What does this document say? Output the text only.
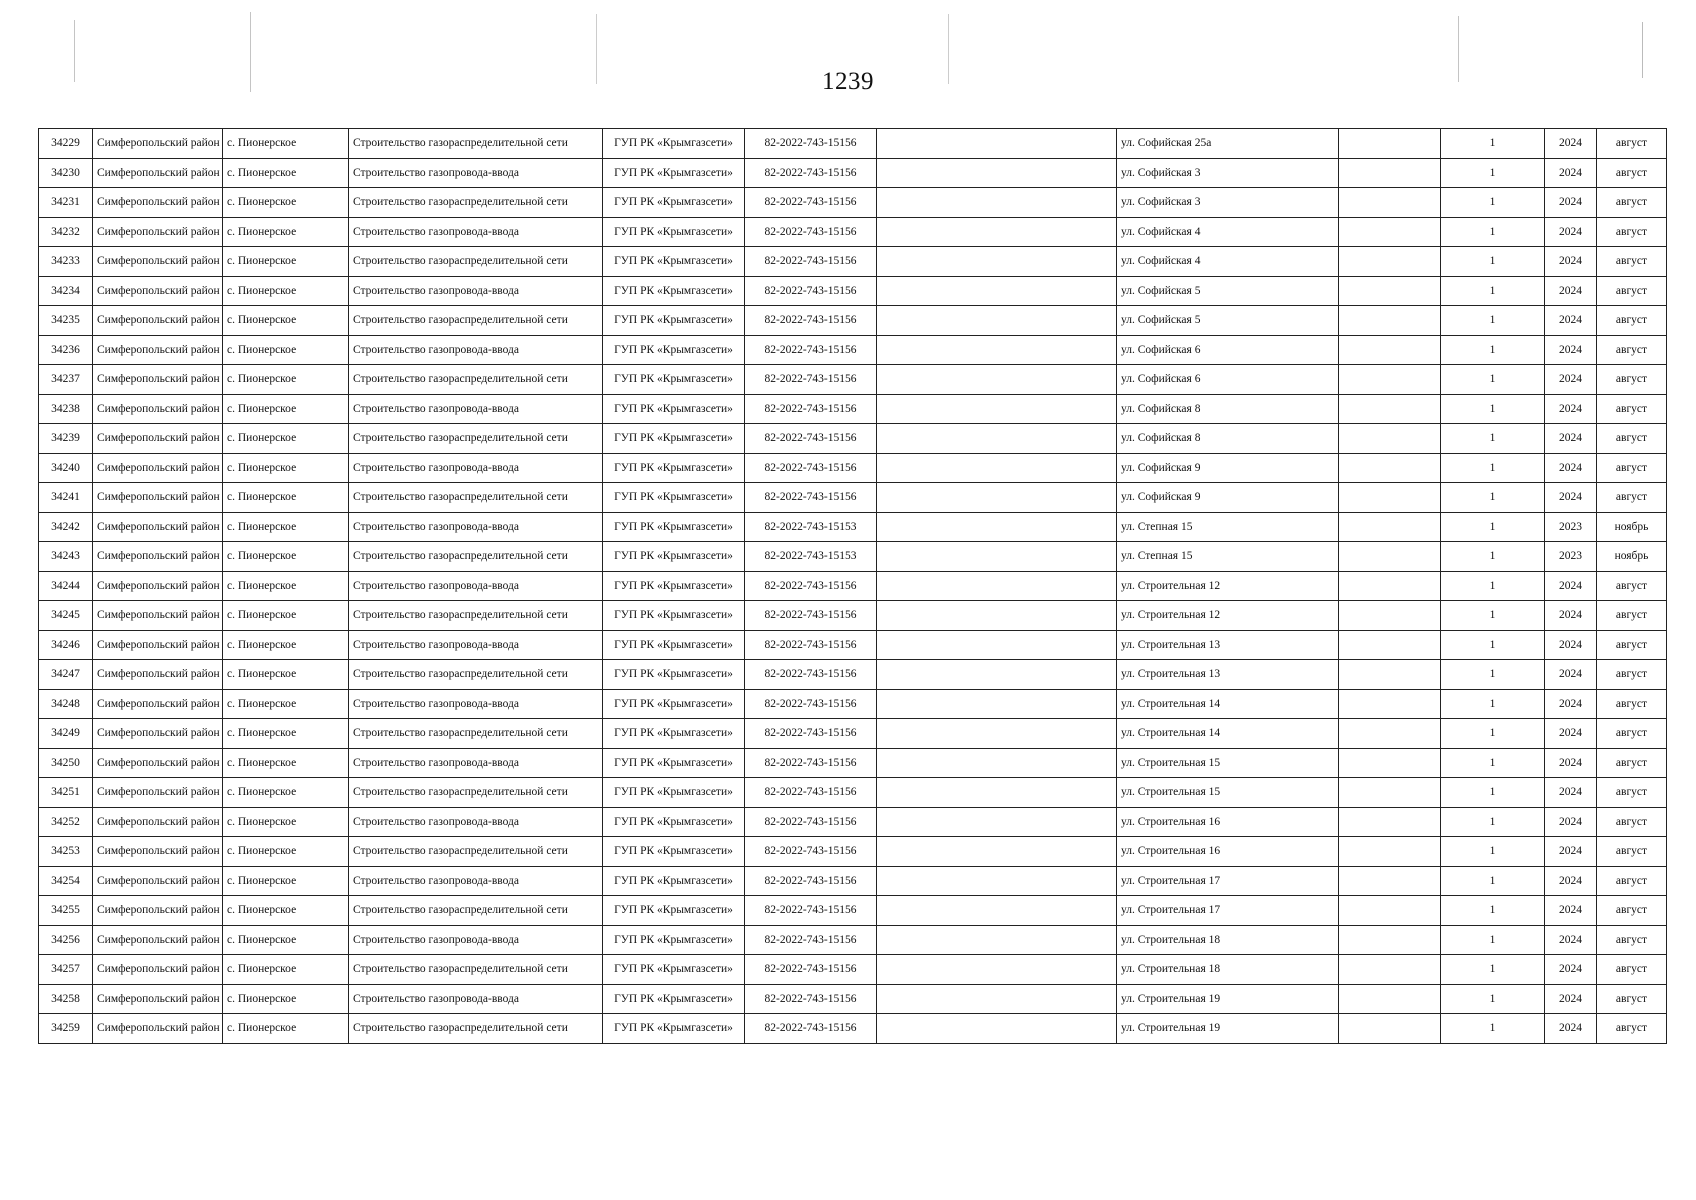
1239
34229	Симферопольский район	с. Пионерское	Строительство газораспределительной сети	ГУП РК «Крымгазсети»	82-2022-743-15156		ул. Софийская 25а		1	2024	август
34230	Симферопольский район	с. Пионерское	Строительство газопровода-ввода	ГУП РК «Крымгазсети»	82-2022-743-15156		ул. Софийская 3		1	2024	август
34231	Симферопольский район	с. Пионерское	Строительство газораспределительной сети	ГУП РК «Крымгазсети»	82-2022-743-15156		ул. Софийская 3		1	2024	август
34232	Симферопольский район	с. Пионерское	Строительство газопровода-ввода	ГУП РК «Крымгазсети»	82-2022-743-15156		ул. Софийская 4		1	2024	август
34233	Симферопольский район	с. Пионерское	Строительство газораспределительной сети	ГУП РК «Крымгазсети»	82-2022-743-15156		ул. Софийская 4		1	2024	август
34234	Симферопольский район	с. Пионерское	Строительство газопровода-ввода	ГУП РК «Крымгазсети»	82-2022-743-15156		ул. Софийская 5		1	2024	август
34235	Симферопольский район	с. Пионерское	Строительство газораспределительной сети	ГУП РК «Крымгазсети»	82-2022-743-15156		ул. Софийская 5		1	2024	август
34236	Симферопольский район	с. Пионерское	Строительство газопровода-ввода	ГУП РК «Крымгазсети»	82-2022-743-15156		ул. Софийская 6		1	2024	август
34237	Симферопольский район	с. Пионерское	Строительство газораспределительной сети	ГУП РК «Крымгазсети»	82-2022-743-15156		ул. Софийская 6		1	2024	август
34238	Симферопольский район	с. Пионерское	Строительство газопровода-ввода	ГУП РК «Крымгазсети»	82-2022-743-15156		ул. Софийская 8		1	2024	август
34239	Симферопольский район	с. Пионерское	Строительство газораспределительной сети	ГУП РК «Крымгазсети»	82-2022-743-15156		ул. Софийская 8		1	2024	август
34240	Симферопольский район	с. Пионерское	Строительство газопровода-ввода	ГУП РК «Крымгазсети»	82-2022-743-15156		ул. Софийская 9		1	2024	август
34241	Симферопольский район	с. Пионерское	Строительство газораспределительной сети	ГУП РК «Крымгазсети»	82-2022-743-15156		ул. Софийская 9		1	2024	август
34242	Симферопольский район	с. Пионерское	Строительство газопровода-ввода	ГУП РК «Крымгазсети»	82-2022-743-15153		ул. Степная 15		1	2023	ноябрь
34243	Симферопольский район	с. Пионерское	Строительство газораспределительной сети	ГУП РК «Крымгазсети»	82-2022-743-15153		ул. Степная 15		1	2023	ноябрь
34244	Симферопольский район	с. Пионерское	Строительство газопровода-ввода	ГУП РК «Крымгазсети»	82-2022-743-15156		ул. Строительная 12		1	2024	август
34245	Симферопольский район	с. Пионерское	Строительство газораспределительной сети	ГУП РК «Крымгазсети»	82-2022-743-15156		ул. Строительная 12		1	2024	август
34246	Симферопольский район	с. Пионерское	Строительство газопровода-ввода	ГУП РК «Крымгазсети»	82-2022-743-15156		ул. Строительная 13		1	2024	август
34247	Симферопольский район	с. Пионерское	Строительство газораспределительной сети	ГУП РК «Крымгазсети»	82-2022-743-15156		ул. Строительная 13		1	2024	август
34248	Симферопольский район	с. Пионерское	Строительство газопровода-ввода	ГУП РК «Крымгазсети»	82-2022-743-15156		ул. Строительная 14		1	2024	август
34249	Симферопольский район	с. Пионерское	Строительство газораспределительной сети	ГУП РК «Крымгазсети»	82-2022-743-15156		ул. Строительная 14		1	2024	август
34250	Симферопольский район	с. Пионерское	Строительство газопровода-ввода	ГУП РК «Крымгазсети»	82-2022-743-15156		ул. Строительная 15		1	2024	август
34251	Симферопольский район	с. Пионерское	Строительство газораспределительной сети	ГУП РК «Крымгазсети»	82-2022-743-15156		ул. Строительная 15		1	2024	август
34252	Симферопольский район	с. Пионерское	Строительство газопровода-ввода	ГУП РК «Крымгазсети»	82-2022-743-15156		ул. Строительная 16		1	2024	август
34253	Симферопольский район	с. Пионерское	Строительство газораспределительной сети	ГУП РК «Крымгазсети»	82-2022-743-15156		ул. Строительная 16		1	2024	август
34254	Симферопольский район	с. Пионерское	Строительство газопровода-ввода	ГУП РК «Крымгазсети»	82-2022-743-15156		ул. Строительная 17		1	2024	август
34255	Симферопольский район	с. Пионерское	Строительство газораспределительной сети	ГУП РК «Крымгазсети»	82-2022-743-15156		ул. Строительная 17		1	2024	август
34256	Симферопольский район	с. Пионерское	Строительство газопровода-ввода	ГУП РК «Крымгазсети»	82-2022-743-15156		ул. Строительная 18		1	2024	август
34257	Симферопольский район	с. Пионерское	Строительство газораспределительной сети	ГУП РК «Крымгазсети»	82-2022-743-15156		ул. Строительная 18		1	2024	август
34258	Симферопольский район	с. Пионерское	Строительство газопровода-ввода	ГУП РК «Крымгазсети»	82-2022-743-15156		ул. Строительная 19		1	2024	август
34259	Симферопольский район	с. Пионерское	Строительство газораспределительной сети	ГУП РК «Крымгазсети»	82-2022-743-15156		ул. Строительная 19		1	2024	август
